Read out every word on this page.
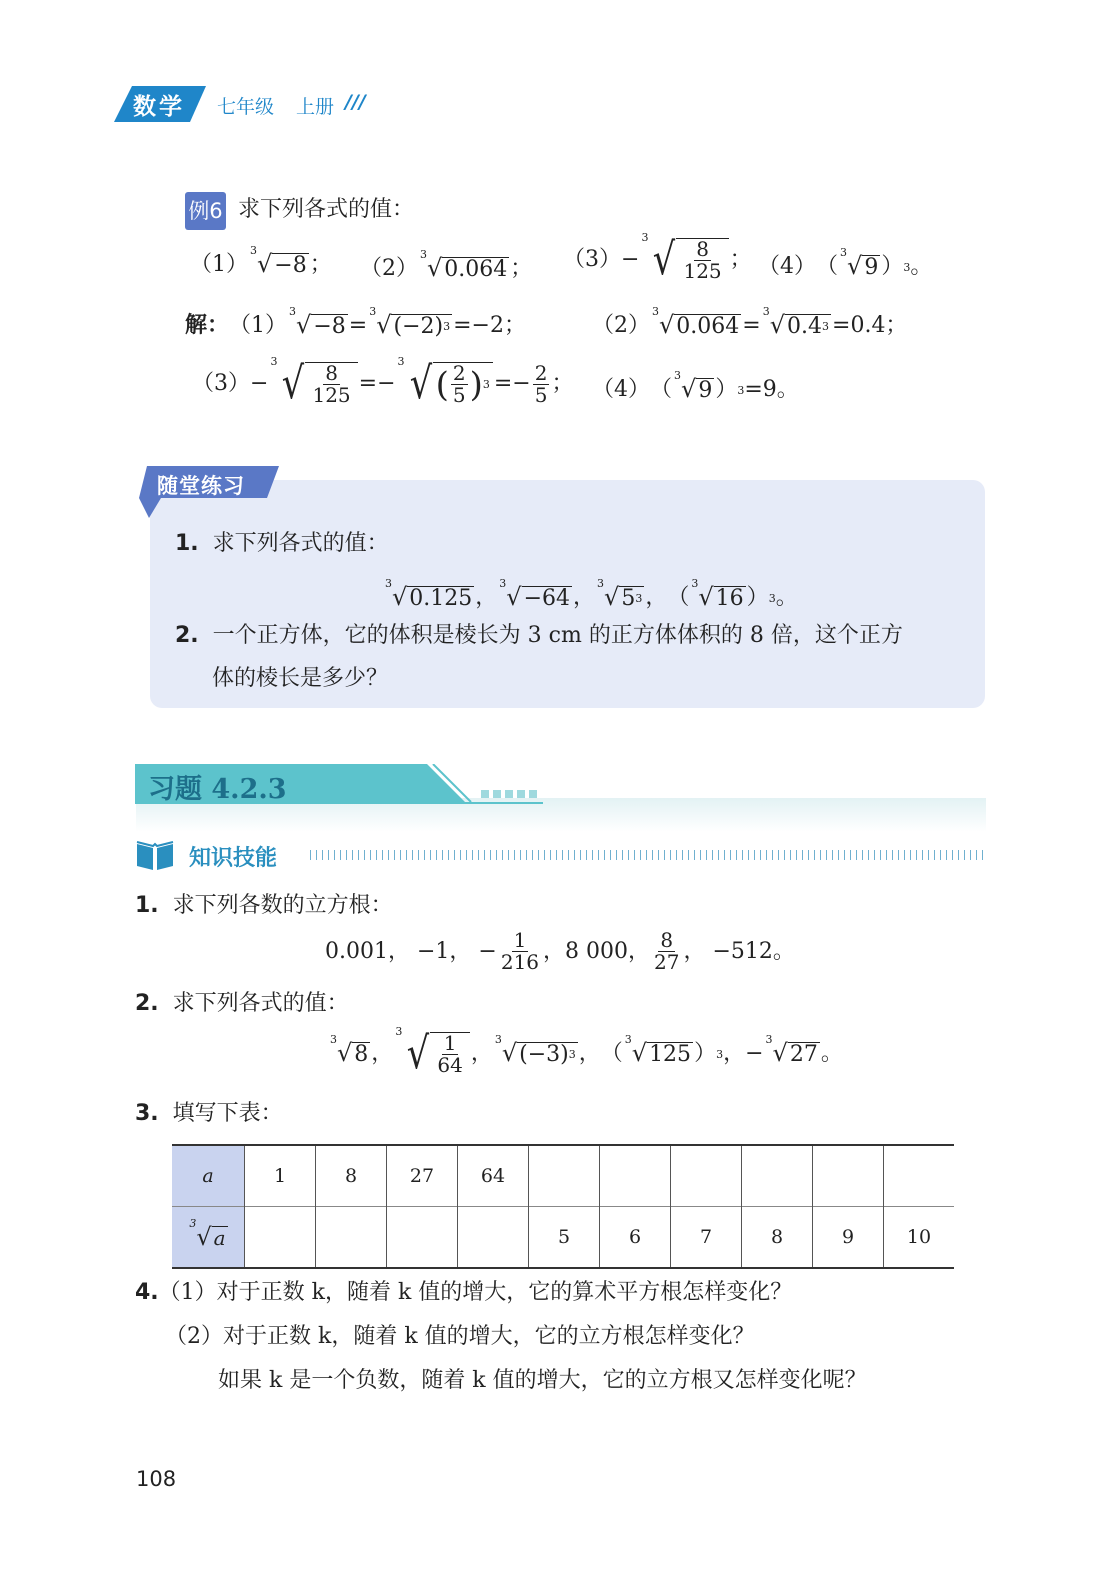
数学 七年级 上册 ///
例6 求下列各式的值：
（1）
3 √ −8 ； （2）
3 √ 0.064 ； （3） −
3 √ $\frac{8}{125}$ ； （4） （
3 √ 9 ） 3 。
解： （1）
3 √ −8 =
3 √ (−2) 3 =−2；	（2）
3 √ 0.064 =
3 √ 0.4 3 =0.4；
（3） −
3 √ $\frac{8}{125}$ =−
3 √ ( $\frac{2}{5}$ ) $3 =- \frac{2}{5}$ ； （4） （
3 √ 9 ） 3 =9。
随堂练习
1. 求下列各式的值：
3 √ 0.125 ，
3 √ −64 ，
3 √ 5 3 ， （
3 √ 16 ） 3 。
2. 一个正方体，它的体积是棱长为 3 cm 的正方体体积的 8 倍，这个正方
体的棱长是多少？
习题 4.2.3
知识技能
1. 求下列各数的立方根：
0.001， −1， − $\frac{1}{216}$ ，8 000， $\frac{8}{27}$ ， −512。
2. 求下列各式的值：
3 √ 8 ，
3 √ $\frac{1}{64}$ ，
3 √ (−3) 3 ， （
3 √ 125 ） 3 ， −
3 √ 27 。
3. 填写下表：
a	1	8	27	64						

3 √ a					5	6	7	8	9	10
4.（1）对于正数 k，随着 k 值的增大，它的算术平方根怎样变化？
（2）对于正数 k，随着 k 值的增大，它的立方根怎样变化？
如果 k 是一个负数，随着 k 值的增大，它的立方根又怎样变化呢？
108
